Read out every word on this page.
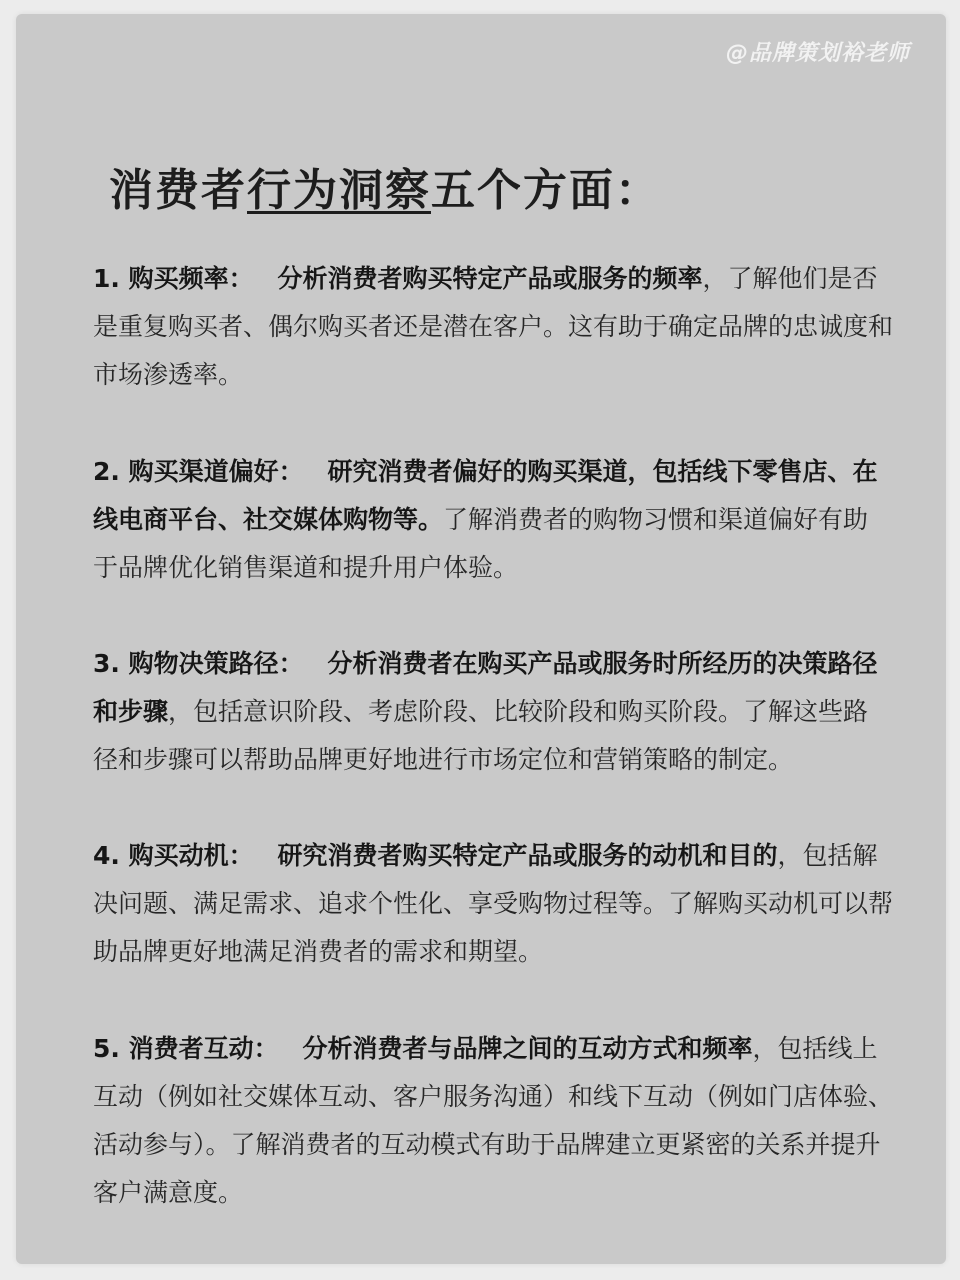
@品牌策划裕老师
消费者行为洞察五个方面：

1. 购买频率： 分析消费者购买特定产品或服务的频率，了解他们是否是重复购买者、偶尔购买者还是潜在客户。这有助于确定品牌的忠诚度和市场渗透率。

2. 购买渠道偏好： 研究消费者偏好的购买渠道，包括线下零售店、在线电商平台、社交媒体购物等。了解消费者的购物习惯和渠道偏好有助于品牌优化销售渠道和提升用户体验。

3. 购物决策路径： 分析消费者在购买产品或服务时所经历的决策路径和步骤，包括意识阶段、考虑阶段、比较阶段和购买阶段。了解这些路径和步骤可以帮助品牌更好地进行市场定位和营销策略的制定。

4. 购买动机： 研究消费者购买特定产品或服务的动机和目的，包括解决问题、满足需求、追求个性化、享受购物过程等。了解购买动机可以帮助品牌更好地满足消费者的需求和期望。

5. 消费者互动： 分析消费者与品牌之间的互动方式和频率，包括线上互动（例如社交媒体互动、客户服务沟通）和线下互动（例如门店体验、活动参与）。了解消费者的互动模式有助于品牌建立更紧密的关系并提升客户满意度。
